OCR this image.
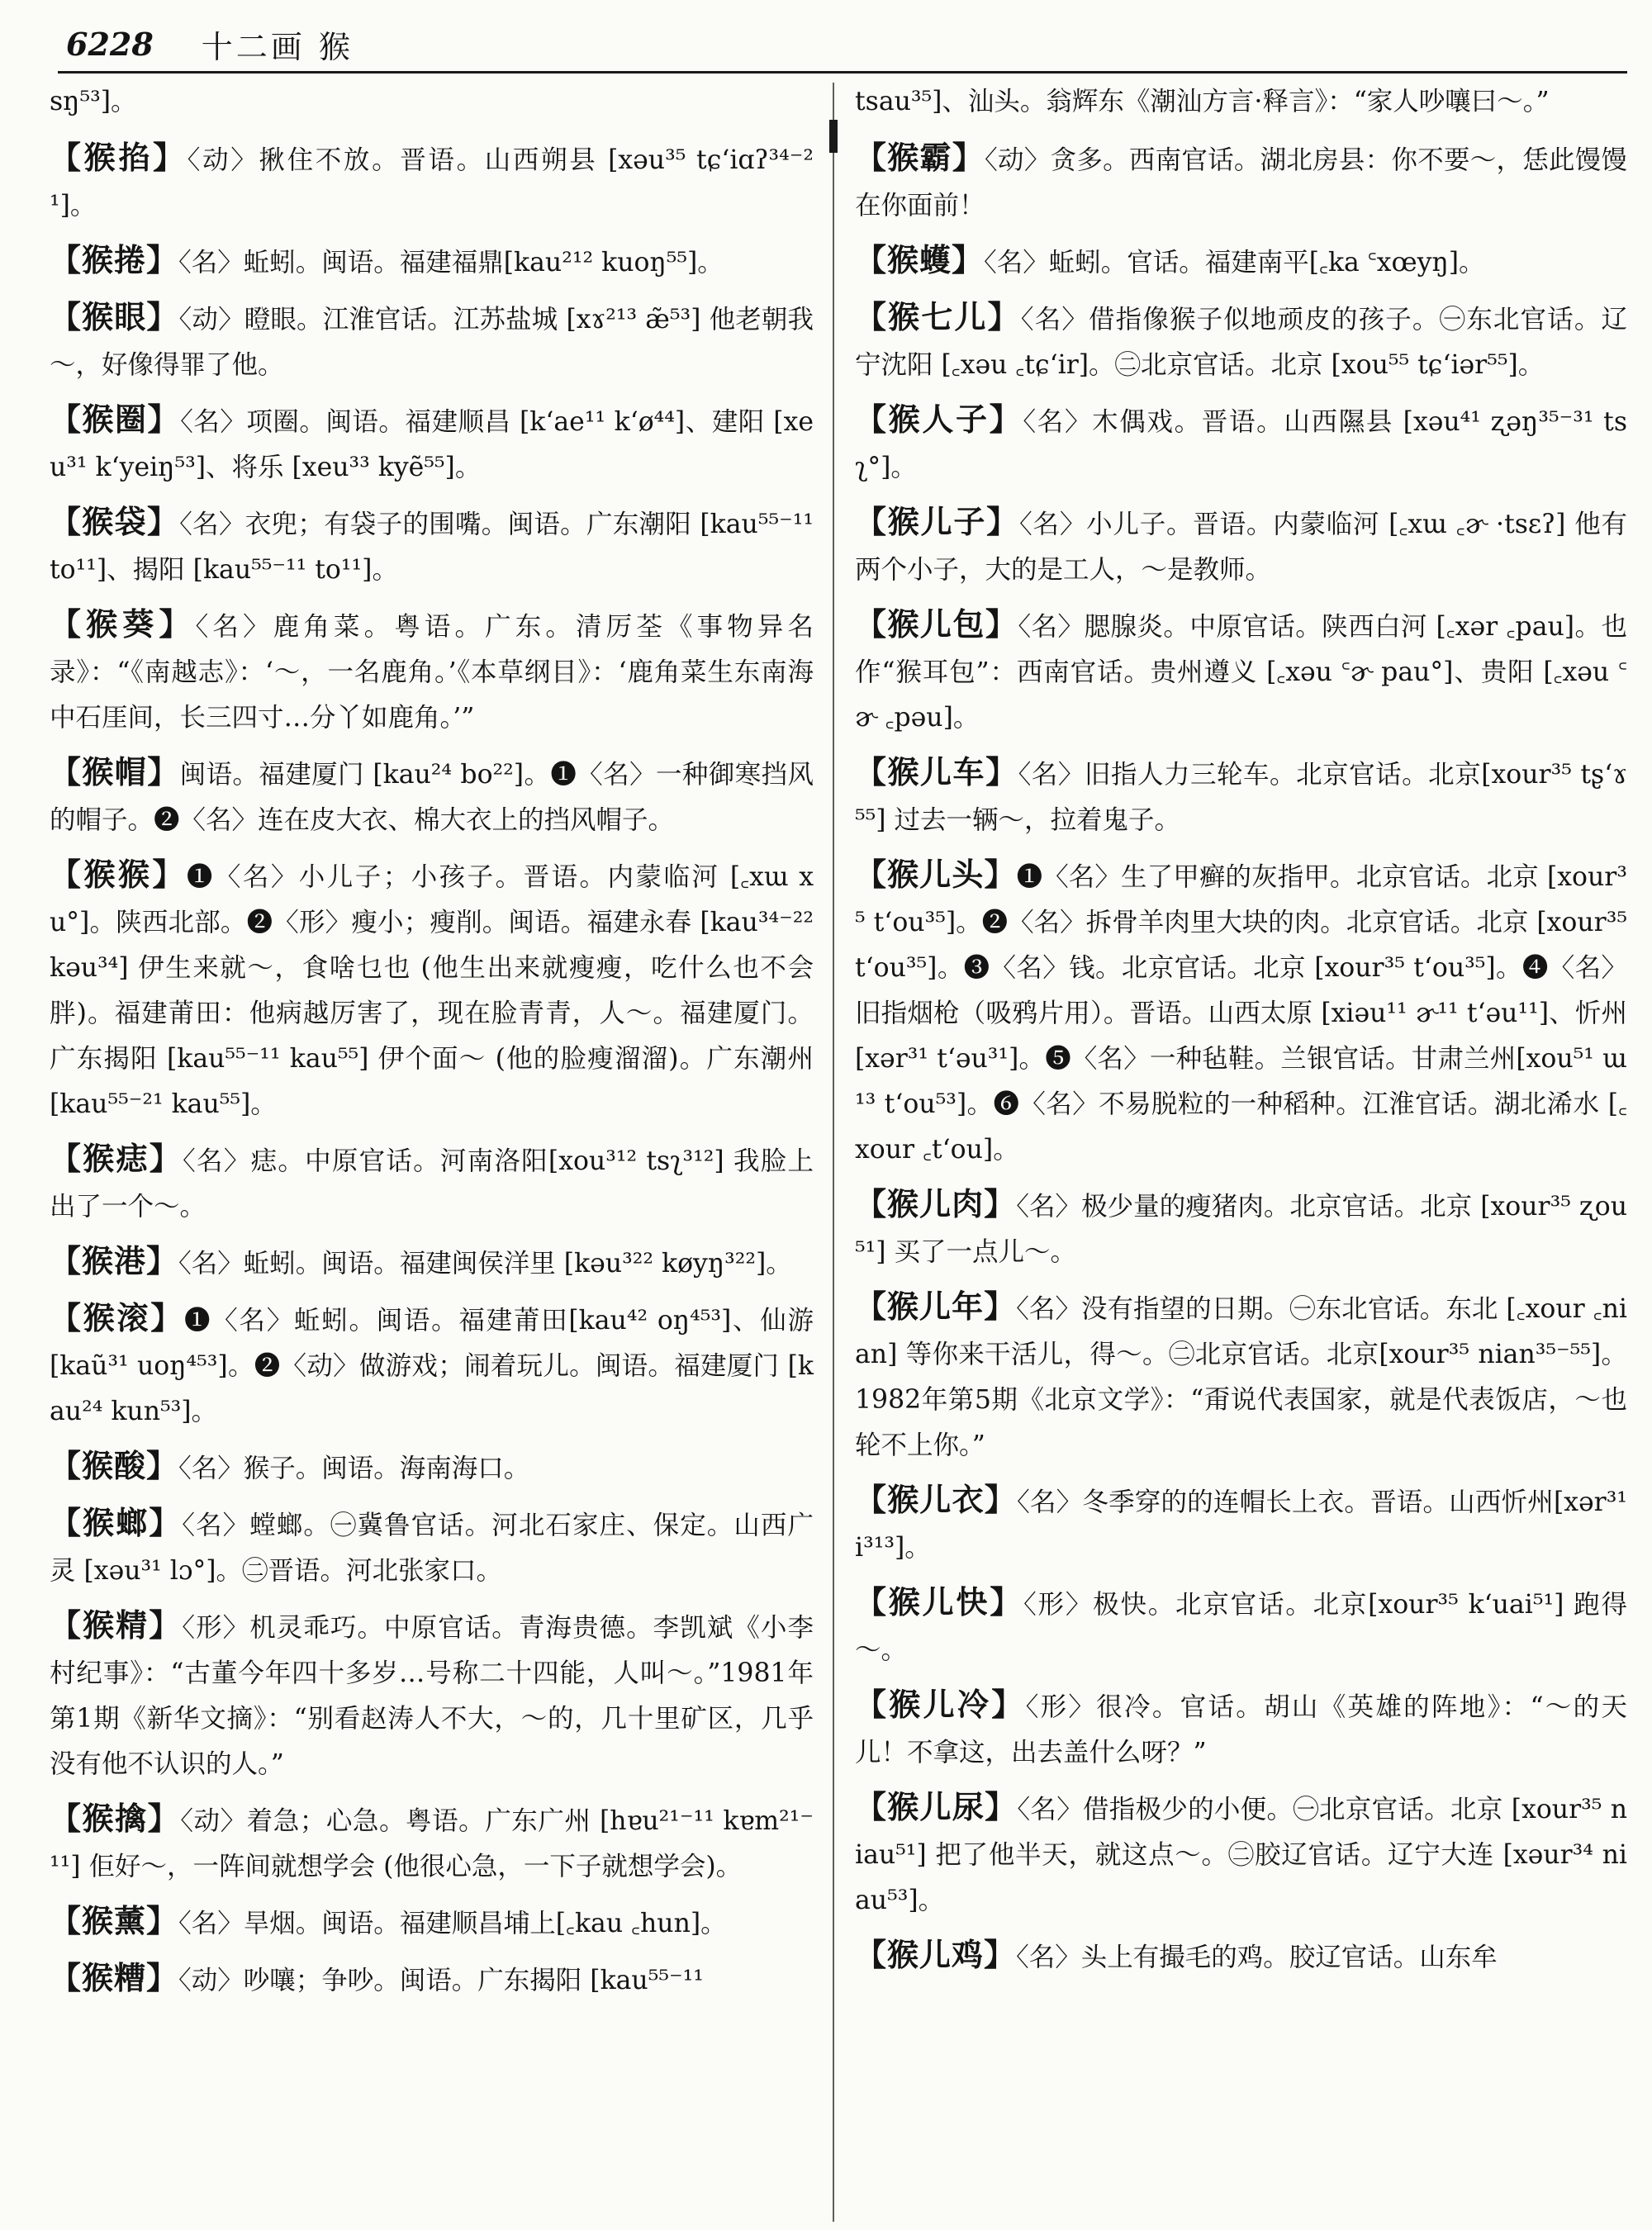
6228 十二画 猴

sŋ⁵³]。

【猴掐】〈动〉揪住不放。晋语。山西朔县 [xəu³⁵ tɕʻiɑʔ³⁴⁻²¹]。

【猴捲】〈名〉蚯蚓。闽语。福建福鼎[kau²¹² kuoŋ⁵⁵]。

【猴眼】〈动〉瞪眼。江淮官话。江苏盐城 [xɤ²¹³ æ̃⁵³] 他老朝我～，好像得罪了他。

【猴圈】〈名〉项圈。闽语。福建顺昌 [kʻae¹¹ kʻø⁴⁴]、建阳 [xeu³¹ kʻyeiŋ⁵³]、将乐 [xeu³³ kyẽ⁵⁵]。

【猴袋】〈名〉衣兜；有袋子的围嘴。闽语。广东潮阳 [kau⁵⁵⁻¹¹ to¹¹]、揭阳 [kau⁵⁵⁻¹¹ to¹¹]。

【猴葵】〈名〉鹿角菜。粤语。广东。清厉荃《事物异名录》：“《南越志》：‘～，一名鹿角。’《本草纲目》：‘鹿角菜生东南海中石厓间，长三四寸…分丫如鹿角。’”

【猴帽】闽语。福建厦门 [kau²⁴ bo²²]。❶〈名〉一种御寒挡风的帽子。❷〈名〉连在皮大衣、棉大衣上的挡风帽子。

【猴猴】❶〈名〉小儿子；小孩子。晋语。内蒙临河 [꜀xɯ xu°]。陕西北部。❷〈形〉瘦小；瘦削。闽语。福建永春 [kau³⁴⁻²² kəu³⁴] 伊生来就～，食啥乜也 (他生出来就瘦瘦，吃什么也不会胖)。福建莆田：他病越厉害了，现在脸青青，人～。福建厦门。广东揭阳 [kau⁵⁵⁻¹¹ kau⁵⁵] 伊个面～ (他的脸瘦溜溜)。广东潮州 [kau⁵⁵⁻²¹ kau⁵⁵]。

【猴痣】〈名〉痣。中原官话。河南洛阳[xou³¹² tsʅ³¹²] 我脸上出了一个～。

【猴港】〈名〉蚯蚓。闽语。福建闽侯洋里 [kəu³²² køyŋ³²²]。

【猴滚】❶〈名〉蚯蚓。闽语。福建莆田[kau⁴² oŋ⁴⁵³]、仙游 [kaũ³¹ uoŋ⁴⁵³]。❷〈动〉做游戏；闹着玩儿。闽语。福建厦门 [kau²⁴ kun⁵³]。

【猴酸】〈名〉猴子。闽语。海南海口。

【猴螂】〈名〉螳螂。㊀冀鲁官话。河北石家庄、保定。山西广灵 [xəu³¹ lɔ°]。㊁晋语。河北张家口。

【猴精】〈形〉机灵乖巧。中原官话。青海贵德。李凯斌《小李村纪事》：“古董今年四十多岁…号称二十四能，人叫～。”1981年第1期《新华文摘》：“别看赵涛人不大，～的，几十里矿区，几乎没有他不认识的人。”

【猴擒】〈动〉着急；心急。粤语。广东广州 [hɐu²¹⁻¹¹ kɐm²¹⁻¹¹] 佢好～，一阵间就想学会 (他很心急，一下子就想学会)。

【猴薰】〈名〉旱烟。闽语。福建顺昌埔上[꜀kau ꜀hun]。

【猴糟】〈动〉吵嚷；争吵。闽语。广东揭阳 [kau⁵⁵⁻¹¹

tsau³⁵]、汕头。翁辉东《潮汕方言·释言》：“家人吵嚷曰～。”

【猴霸】〈动〉贪多。西南官话。湖北房县：你不要～，恁此馒馒在你面前！

【猴蠖】〈名〉蚯蚓。官话。福建南平[꜀ka ꜂xœyŋ]。

【猴七儿】〈名〉借指像猴子似地顽皮的孩子。㊀东北官话。辽宁沈阳 [꜀xəu ꜀tɕʻir]。㊁北京官话。北京 [xou⁵⁵ tɕʻiər⁵⁵]。

【猴人子】〈名〉木偶戏。晋语。山西隰县 [xəu⁴¹ ʐəŋ³⁵⁻³¹ tsʅ°]。

【猴儿子】〈名〉小儿子。晋语。内蒙临河 [꜀xɯ ꜀ɚ ·tsɛʔ] 他有两个小子，大的是工人，～是教师。

【猴儿包】〈名〉腮腺炎。中原官话。陕西白河 [꜀xər ꜀pau]。也作“猴耳包”：西南官话。贵州遵义 [꜀xəu ꜂ɚ pau°]、贵阳 [꜀xəu ꜂ɚ ꜀pəu]。

【猴儿车】〈名〉旧指人力三轮车。北京官话。北京[xour³⁵ tʂʻɤ⁵⁵] 过去一辆～，拉着鬼子。

【猴儿头】❶〈名〉生了甲癣的灰指甲。北京官话。北京 [xour³⁵ tʻou³⁵]。❷〈名〉拆骨羊肉里大块的肉。北京官话。北京 [xour³⁵ tʻou³⁵]。❸〈名〉钱。北京官话。北京 [xour³⁵ tʻou³⁵]。❹〈名〉旧指烟枪（吸鸦片用）。晋语。山西太原 [xiəu¹¹ ɚ¹¹ tʻəu¹¹]、忻州 [xər³¹ tʻəu³¹]。❺〈名〉一种毡鞋。兰银官话。甘肃兰州[xou⁵¹ ɯ¹³ tʻou⁵³]。❻〈名〉不易脱粒的一种稻种。江淮官话。湖北浠水 [꜀xour ꜀tʻou]。

【猴儿肉】〈名〉极少量的瘦猪肉。北京官话。北京 [xour³⁵ ʐou⁵¹] 买了一点儿～。

【猴儿年】〈名〉没有指望的日期。㊀东北官话。东北 [꜀xour ꜀nian] 等你来干活儿，得～。㊁北京官话。北京[xour³⁵ nian³⁵⁻⁵⁵]。1982年第5期《北京文学》：“甭说代表国家，就是代表饭店，～也轮不上你。”

【猴儿衣】〈名〉冬季穿的的连帽长上衣。晋语。山西忻州[xər³¹ i³¹³]。

【猴儿快】〈形〉极快。北京官话。北京[xour³⁵ kʻuai⁵¹] 跑得～。

【猴儿冷】〈形〉很冷。官话。胡山《英雄的阵地》：“～的天儿！不拿这，出去盖什么呀？”

【猴儿尿】〈名〉借指极少的小便。㊀北京官话。北京 [xour³⁵ niau⁵¹] 把了他半天，就这点～。㊁胶辽官话。辽宁大连 [xəur³⁴ niau⁵³]。

【猴儿鸡】〈名〉头上有撮毛的鸡。胶辽官话。山东牟
